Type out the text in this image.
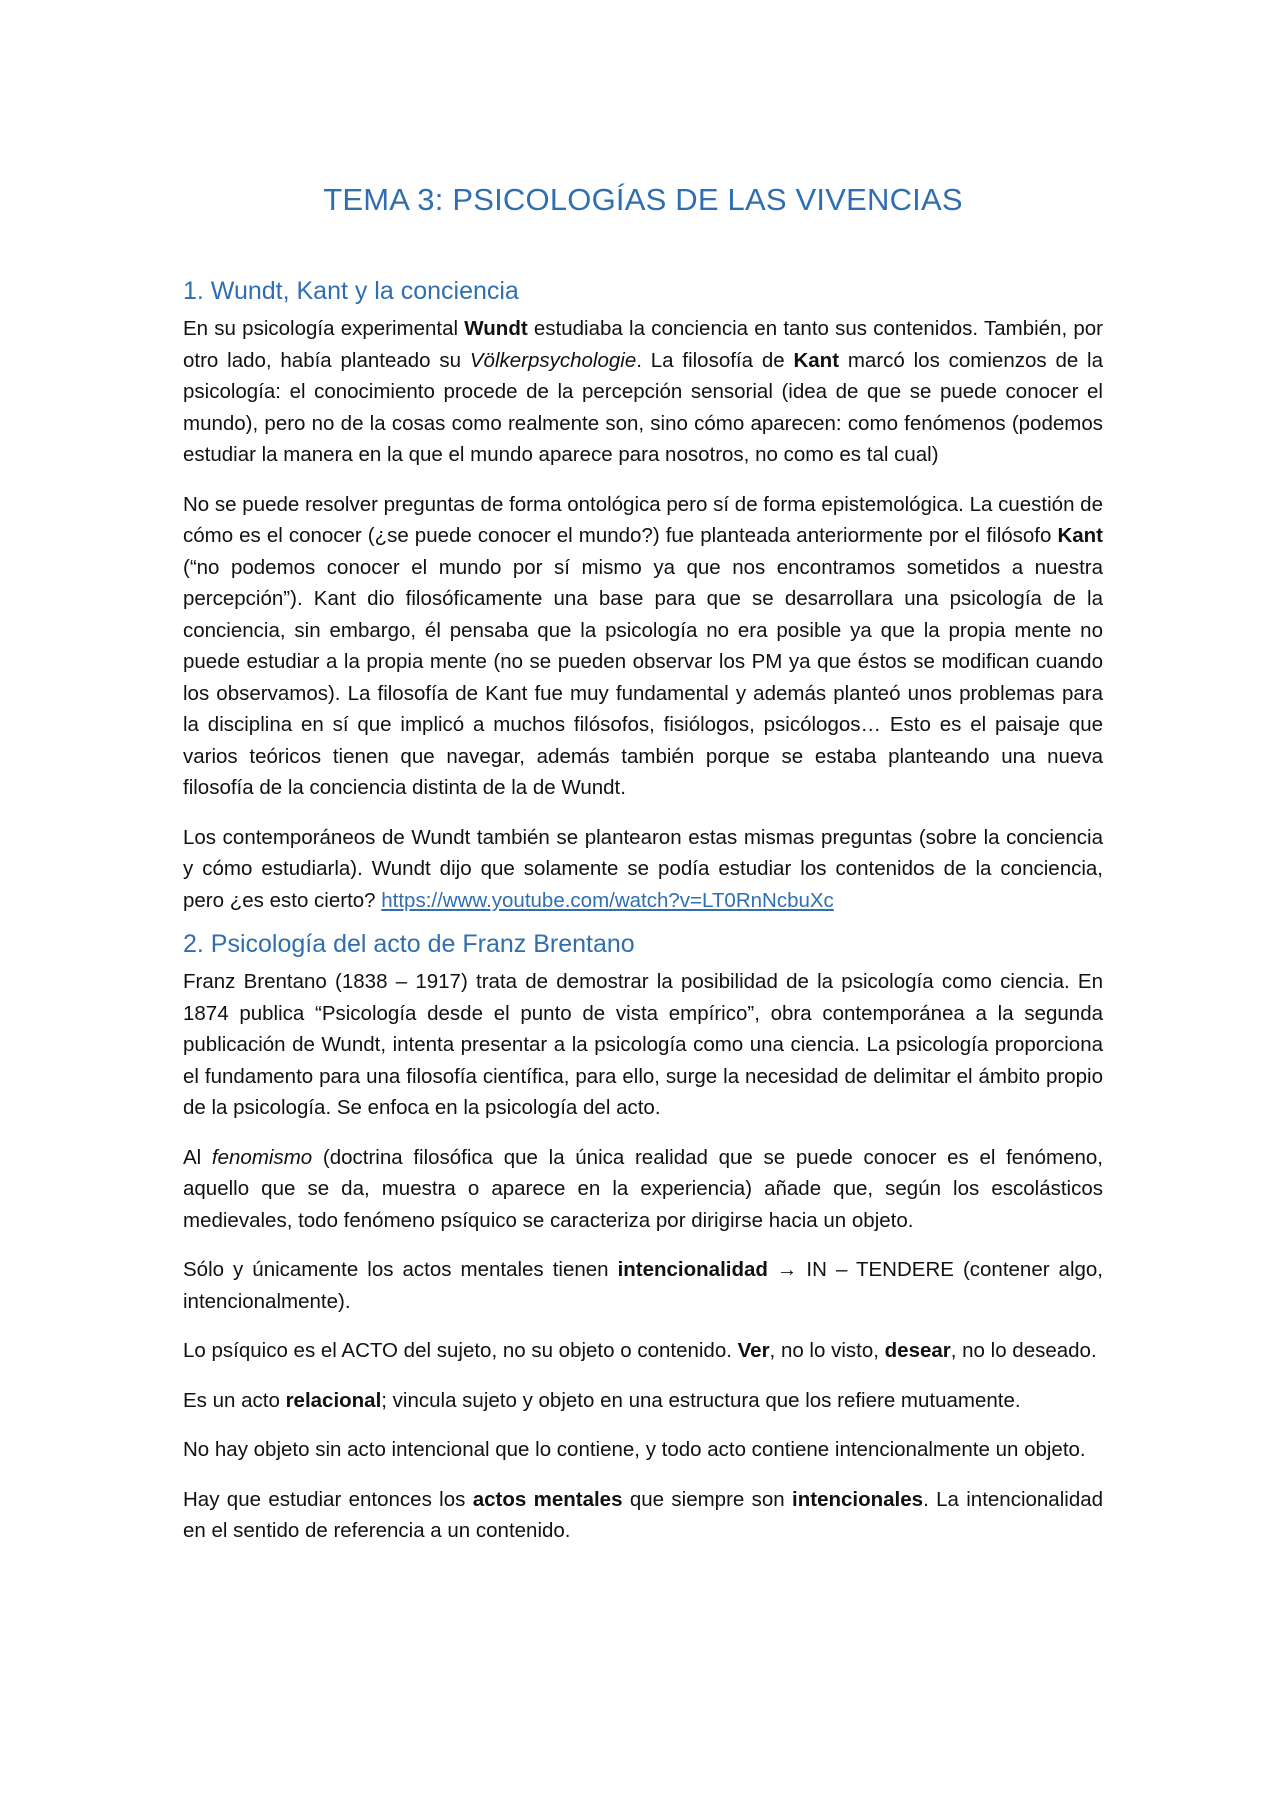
TEMA 3: PSICOLOGÍAS DE LAS VIVENCIAS
1. Wundt, Kant y la conciencia

En su psicología experimental Wundt estudiaba la conciencia en tanto sus contenidos. También, por otro lado, había planteado su Völkerpsychologie. La filosofía de Kant marcó los comienzos de la psicología: el conocimiento procede de la percepción sensorial (idea de que se puede conocer el mundo), pero no de la cosas como realmente son, sino cómo aparecen: como fenómenos (podemos estudiar la manera en la que el mundo aparece para nosotros, no como es tal cual)

No se puede resolver preguntas de forma ontológica pero sí de forma epistemológica. La cuestión de cómo es el conocer (¿se puede conocer el mundo?) fue planteada anteriormente por el filósofo Kant (“no podemos conocer el mundo por sí mismo ya que nos encontramos sometidos a nuestra percepción”). Kant dio filosóficamente una base para que se desarrollara una psicología de la conciencia, sin embargo, él pensaba que la psicología no era posible ya que la propia mente no puede estudiar a la propia mente (no se pueden observar los PM ya que éstos se modifican cuando los observamos). La filosofía de Kant fue muy fundamental y además planteó unos problemas para la disciplina en sí que implicó a muchos filósofos, fisiólogos, psicólogos… Esto es el paisaje que varios teóricos tienen que navegar, además también porque se estaba planteando una nueva filosofía de la conciencia distinta de la de Wundt.

Los contemporáneos de Wundt también se plantearon estas mismas preguntas (sobre la conciencia y cómo estudiarla). Wundt dijo que solamente se podía estudiar los contenidos de la conciencia, pero ¿es esto cierto? https://www.youtube.com/watch?v=LT0RnNcbuXc

2. Psicología del acto de Franz Brentano

Franz Brentano (1838 – 1917) trata de demostrar la posibilidad de la psicología como ciencia. En 1874 publica “Psicología desde el punto de vista empírico”, obra contemporánea a la segunda publicación de Wundt, intenta presentar a la psicología como una ciencia. La psicología proporciona el fundamento para una filosofía científica, para ello, surge la necesidad de delimitar el ámbito propio de la psicología. Se enfoca en la psicología del acto.

Al fenomismo (doctrina filosófica que la única realidad que se puede conocer es el fenómeno, aquello que se da, muestra o aparece en la experiencia) añade que, según los escolásticos medievales, todo fenómeno psíquico se caracteriza por dirigirse hacia un objeto.

Sólo y únicamente los actos mentales tienen intencionalidad → IN – TENDERE (contener algo, intencionalmente).

Lo psíquico es el ACTO del sujeto, no su objeto o contenido. Ver, no lo visto, desear, no lo deseado.

Es un acto relacional; vincula sujeto y objeto en una estructura que los refiere mutuamente.

No hay objeto sin acto intencional que lo contiene, y todo acto contiene intencionalmente un objeto.

Hay que estudiar entonces los actos mentales que siempre son intencionales. La intencionalidad en el sentido de referencia a un contenido.
